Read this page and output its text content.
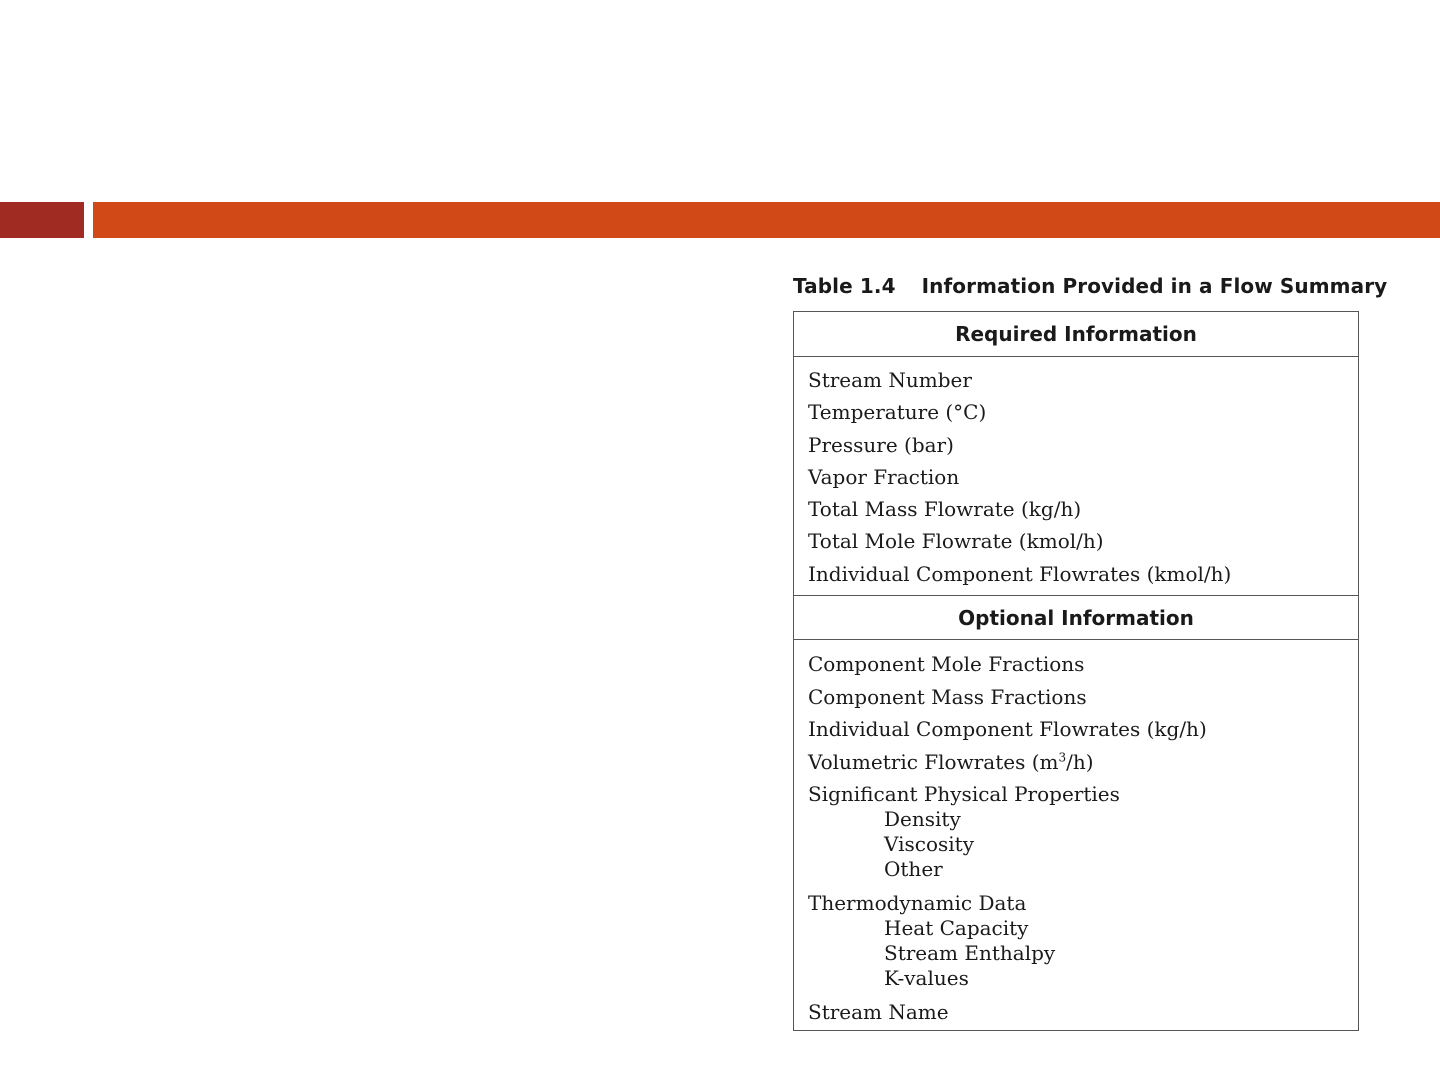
Table 1.4 Information Provided in a Flow Summary
Required Information
Stream Number
Temperature (°C)
Pressure (bar)
Vapor Fraction
Total Mass Flowrate (kg/h)
Total Mole Flowrate (kmol/h)
Individual Component Flowrates (kmol/h)
Optional Information
Component Mole Fractions
Component Mass Fractions
Individual Component Flowrates (kg/h)
Volumetric Flowrates $(m^3/h)$
Significant Physical Properties
Density
Viscosity
Other
Thermodynamic Data
Heat Capacity
Stream Enthalpy
K-values
Stream Name
